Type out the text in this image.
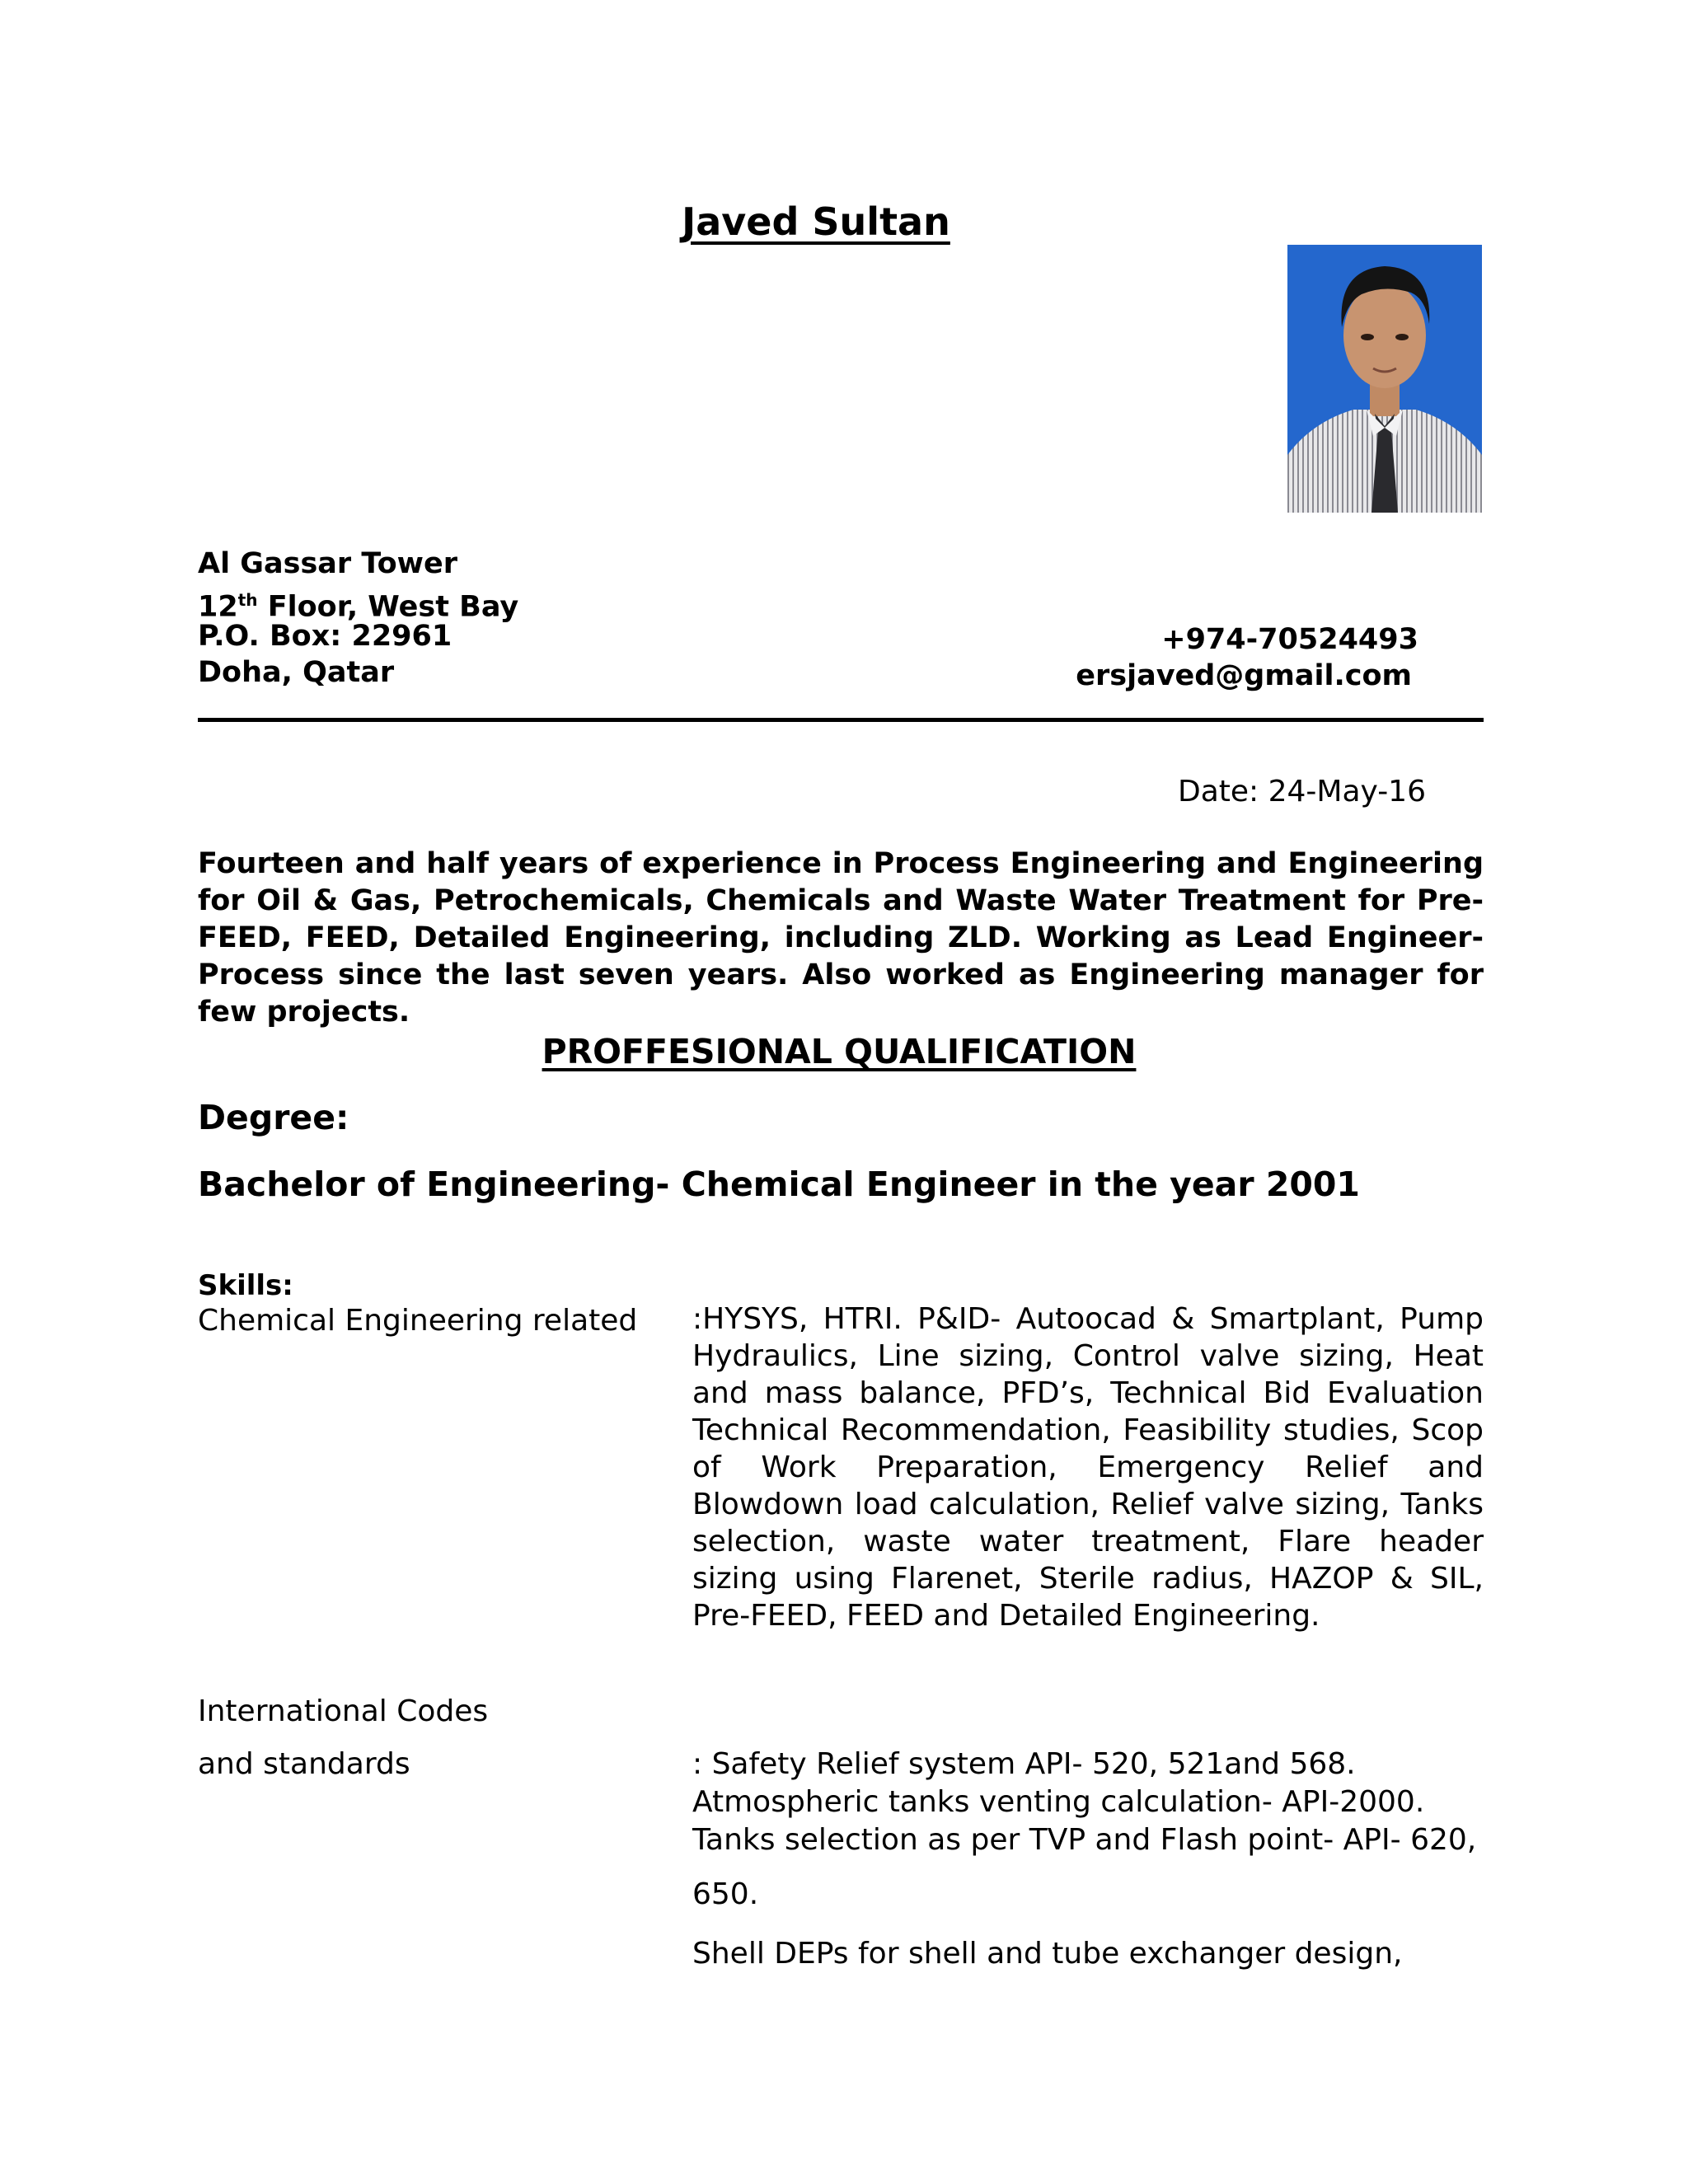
Javed Sultan
Al Gassar Tower
12th Floor, West Bay
P.O. Box: 22961
Doha, Qatar
+974-70524493
ersjaved@gmail.com
Date: 24-May-16
Fourteen and half years of experience in Process Engineering and Engineering for Oil & Gas, Petrochemicals, Chemicals and Waste Water Treatment for Pre-FEED, FEED, Detailed Engineering, including ZLD. Working as Lead Engineer-Process since the last seven years. Also worked as Engineering manager for few projects.
PROFFESIONAL QUALIFICATION
Degree:
Bachelor of Engineering- Chemical Engineer in the year 2001
Skills:
Chemical Engineering related :HYSYS, HTRI. P&ID- Autoocad & Smartplant, Pump Hydraulics, Line sizing, Control valve sizing, Heat and mass balance, PFD’s, Technical Bid Evaluation Technical Recommendation, Feasibility studies, Scop of Work Preparation, Emergency Relief and Blowdown load calculation, Relief valve sizing, Tanks selection, waste water treatment, Flare header sizing using Flarenet, Sterile radius, HAZOP & SIL, Pre-FEED, FEED and Detailed Engineering.
International Codes
and standards	: Safety Relief system API- 520, 521and 568.
Atmospheric tanks venting calculation- API-2000.
Tanks selection as per TVP and Flash point- API- 620,
650.
Shell DEPs for shell and tube exchanger design,
